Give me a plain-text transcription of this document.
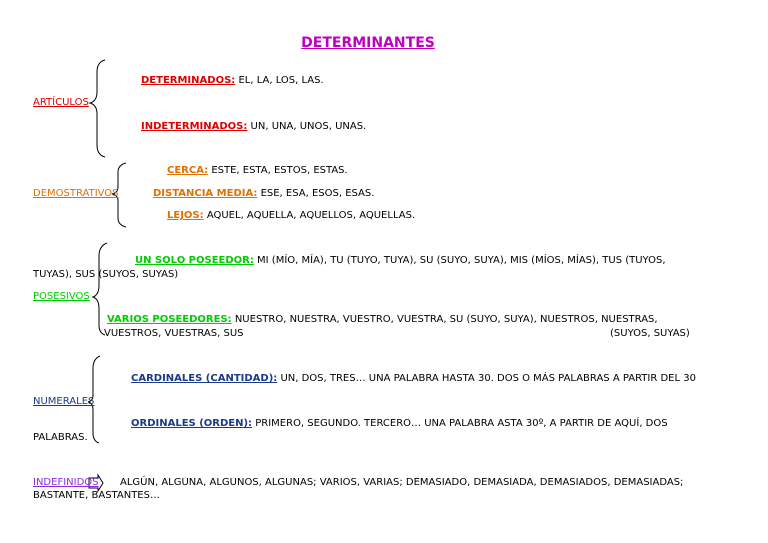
DETERMINANTES
ARTÍCULOS
DETERMINADOS: EL, LA, LOS, LAS.
INDETERMINADOS: UN, UNA, UNOS, UNAS.
DEMOSTRATIVOS
CERCA: ESTE, ESTA, ESTOS, ESTAS.
DISTANCIA MEDIA: ESE, ESA, ESOS, ESAS.
LEJOS: AQUEL, AQUELLA, AQUELLOS, AQUELLAS.
POSESIVOS
UN SOLO POSEEDOR: MI (MÍO, MÍA), TU (TUYO, TUYA), SU (SUYO, SUYA), MIS (MÍOS, MÍAS), TUS (TUYOS,
TUYAS), SUS (SUYOS, SUYAS)
VARIOS POSEEDORES: NUESTRO, NUESTRA, VUESTRO, VUESTRA, SU (SUYO, SUYA), NUESTROS, NUESTRAS,
VUESTROS, VUESTRAS, SUS	(SUYOS, SUYAS)
NUMERALES
CARDINALES (CANTIDAD): UN, DOS, TRES… UNA PALABRA HASTA 30. DOS O MÁS PALABRAS A PARTIR DEL 30
ORDINALES (ORDEN): PRIMERO, SEGUNDO. TERCERO… UNA PALABRA ASTA 30º, A PARTIR DE AQUÍ, DOS
PALABRAS.
INDEFINIDOS ALGÚN, ALGUNA, ALGUNOS, ALGUNAS; VARIOS, VARIAS; DEMASIADO, DEMASIADA, DEMASIADOS, DEMASIADAS;
BASTANTE, BASTANTES…
